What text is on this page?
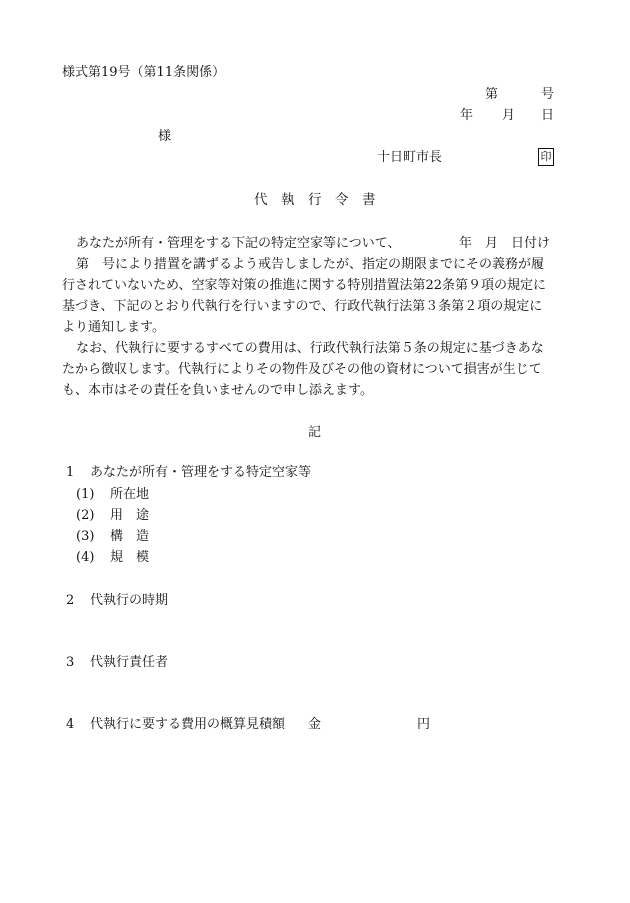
様式第19号（第11条関係）
第	号
年 月 日
様
十日町市長	印
代　執　行　令　書
あなたが所有・管理をする下記の特定空家等について、	年　月　日付け
第　号により措置を講ずるよう戒告しましたが、指定の期限までにその義務が履
行されていないため、空家等対策の推進に関する特別措置法第22条第９項の規定に
基づき、下記のとおり代執行を行いますので、行政代執行法第３条第２項の規定に
より通知します。
なお、代執行に要するすべての費用は、行政代執行法第５条の規定に基づきあな
たから徴収します。代執行によりその物件及びその他の資材について損害が生じて
も、本市はその責任を負いませんので申し添えます。
記
1 あなたが所有・管理をする特定空家等
(1) 所在地
(2) 用　途
(3) 構　造
(4) 規　模
2 代執行の時期
3 代執行責任者
4 代執行に要する費用の概算見積額 金	円
